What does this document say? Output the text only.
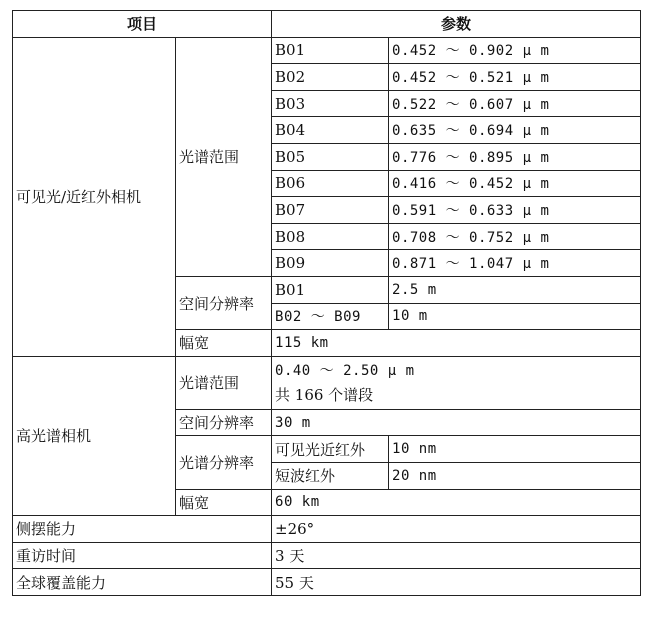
项目		参数	
可见光/近红外相机	光谱范围	B01	0.452 ～ 0.902 μ m
		B02	0.452 ～ 0.521 μ m
		B03	0.522 ～ 0.607 μ m
		B04	0.635 ～ 0.694 μ m
		B05	0.776 ～ 0.895 μ m
		B06	0.416 ～ 0.452 μ m
		B07	0.591 ～ 0.633 μ m
		B08	0.708 ～ 0.752 μ m
		B09	0.871 ～ 1.047 μ m
	空间分辨率	B01	2.5 m
		B02 ～ B09	10 m
	幅宽	115 km	
高光谱相机	光谱范围	0.40 ～ 2.50 μ m
共 166 个谱段	

	空间分辨率	30 m	
	光谱分辨率	可见光近红外	10 nm
		短波红外	20 nm
	幅宽	60 km	
侧摆能力		±26°	
重访时间		3 天	
全球覆盖能力		55 天	
